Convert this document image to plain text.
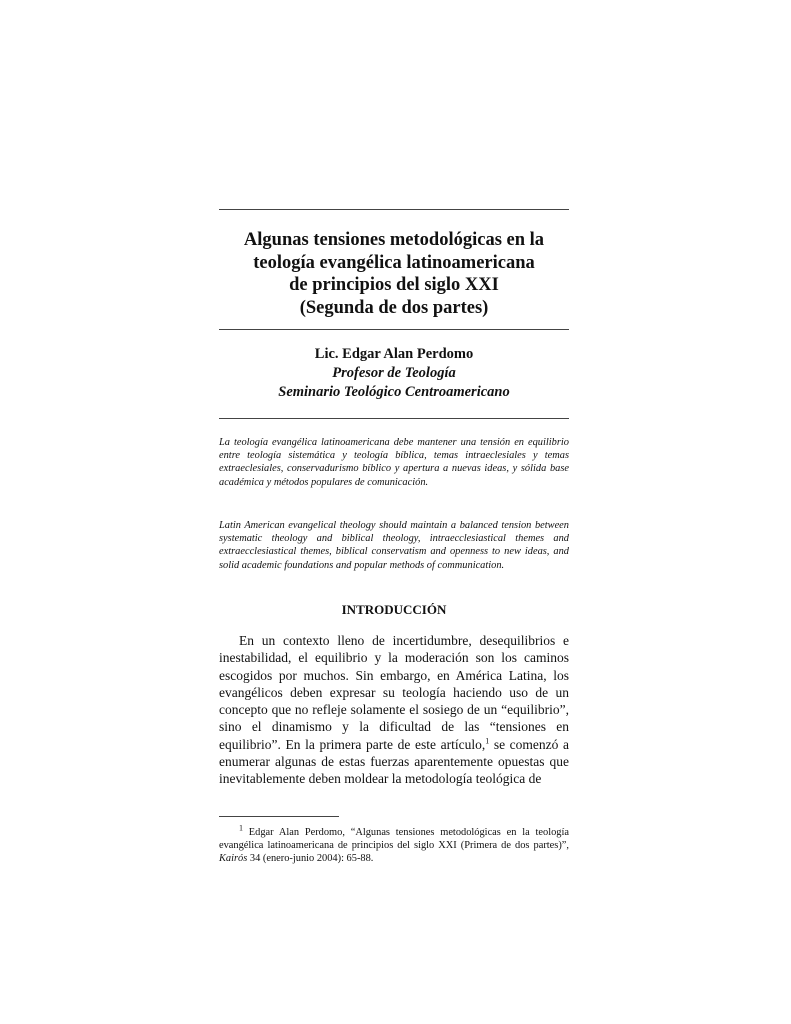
Algunas tensiones metodológicas en la
teología evangélica latinoamericana
de principios del siglo XXI
(Segunda de dos partes)
Lic. Edgar Alan Perdomo
Profesor de Teología
Seminario Teológico Centroamericano

La teología evangélica latinoamericana debe mantener una tensión en equilibrio entre teología sistemática y teología bíblica, temas intraeclesiales y temas extraeclesiales, conservadurismo bíblico y apertura a nuevas ideas, y sólida base académica y métodos populares de comunicación.

Latin American evangelical theology should maintain a balanced tension between systematic theology and biblical theology, intraecclesiastical themes and extraecclesiastical themes, biblical conservatism and openness to new ideas, and solid academic foundations and popular methods of communication.

INTRODUCCIÓN

En un contexto lleno de incertidumbre, desequilibrios e inestabilidad, el equilibrio y la moderación son los caminos escogidos por muchos. Sin embargo, en América Latina, los evangélicos deben expresar su teología haciendo uso de un concepto que no refleje solamente el sosiego de un “equilibrio”, sino el dinamismo y la dificultad de las “tensiones en equilibrio”. En la primera parte de este artículo,$^1$ se comenzó a enumerar algunas de estas fuerzas aparentemente opuestas que inevitablemente deben moldear la metodología teológica de

$^1$ Edgar Alan Perdomo, “Algunas tensiones metodológicas en la teología evangélica latinoamericana de principios del siglo XXI (Primera de dos partes)”, Kairós 34 (enero-junio 2004): 65-88.
